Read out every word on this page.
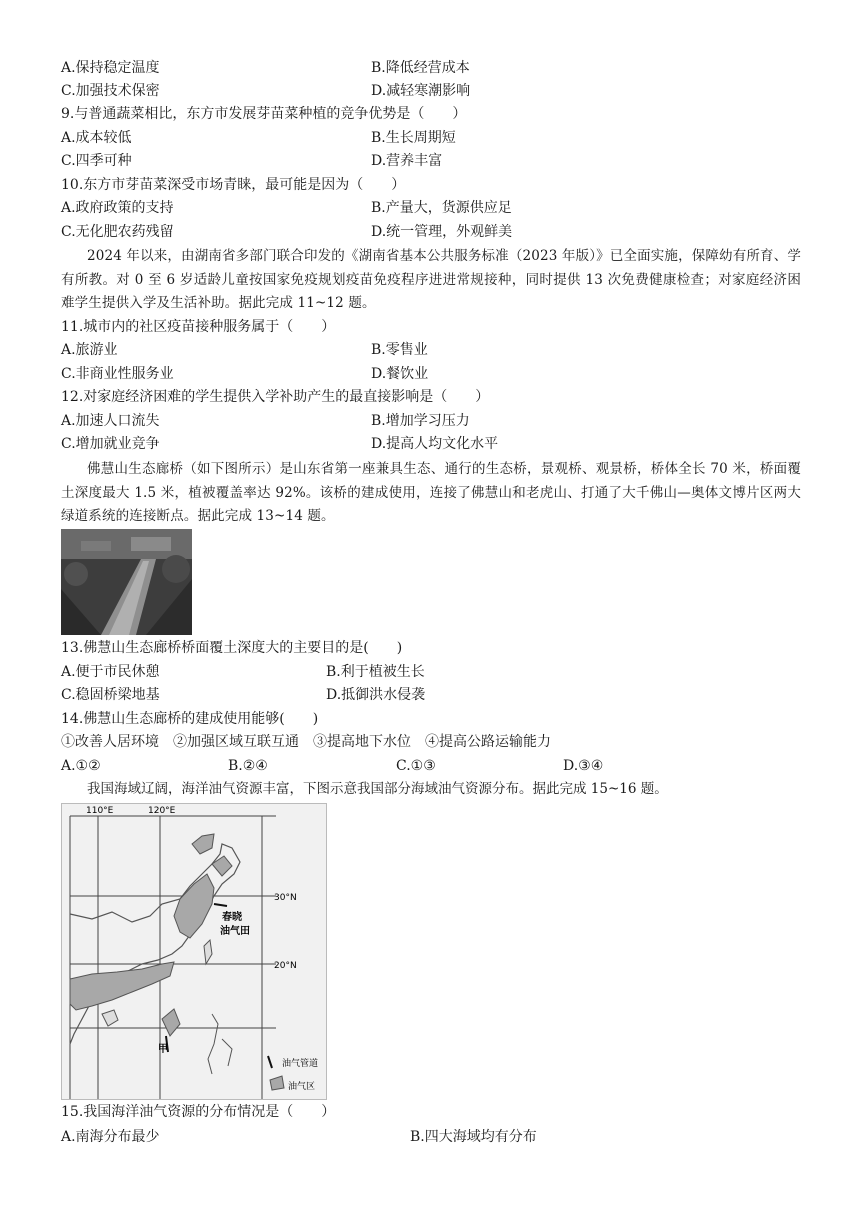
A.保持稳定温度	B.降低经营成本
C.加强技术保密	D.减轻寒潮影响
9.与普通蔬菜相比，东方市发展芽苗菜种植的竞争优势是（　　）
A.成本较低	B.生长周期短
C.四季可种	D.营养丰富
10.东方市芽苗菜深受市场青睐，最可能是因为（　　）
A.政府政策的支持	B.产量大，货源供应足
C.无化肥农药残留	D.统一管理，外观鲜美
2024 年以来，由湖南省多部门联合印发的《湖南省基本公共服务标准（2023 年版）》已全面实施，保障幼有所育、学有所教。对 0 至 6 岁适龄儿童按国家免疫规划疫苗免疫程序进进常规接种，同时提供 13 次免费健康检查；对家庭经济困难学生提供入学及生活补助。据此完成 11~12 题。
11.城市内的社区疫苗接种服务属于（　　）
A.旅游业	B.零售业
C.非商业性服务业	D.餐饮业
12.对家庭经济困难的学生提供入学补助产生的最直接影响是（　　）
A.加速人口流失	B.增加学习压力
C.增加就业竞争	D.提高人均文化水平
佛慧山生态廊桥（如下图所示）是山东省第一座兼具生态、通行的生态桥，景观桥、观景桥，桥体全长 70 米，桥面覆土深度最大 1.5 米，植被覆盖率达 92%。该桥的建成使用，连接了佛慧山和老虎山、打通了大千佛山—奥体文博片区两大绿道系统的连接断点。据此完成 13~14 题。
13.佛慧山生态廊桥桥面覆土深度大的主要目的是(　　)
A.便于市民休憩	B.利于植被生长
C.稳固桥梁地基	D.抵御洪水侵袭
14.佛慧山生态廊桥的建成使用能够(　　)
①改善人居环境　②加强区域互联互通　③提高地下水位　④提高公路运输能力
A.①②	B.②④	C.①③	D.③④
我国海域辽阔，海洋油气资源丰富，下图示意我国部分海域油气资源分布。据此完成 15~16 题。
110°E	120°E
30°N
20°N
春晓
油气田
甲
油气管道
油气区
15.我国海洋油气资源的分布情况是（　　）
A.南海分布最少	B.四大海域均有分布
